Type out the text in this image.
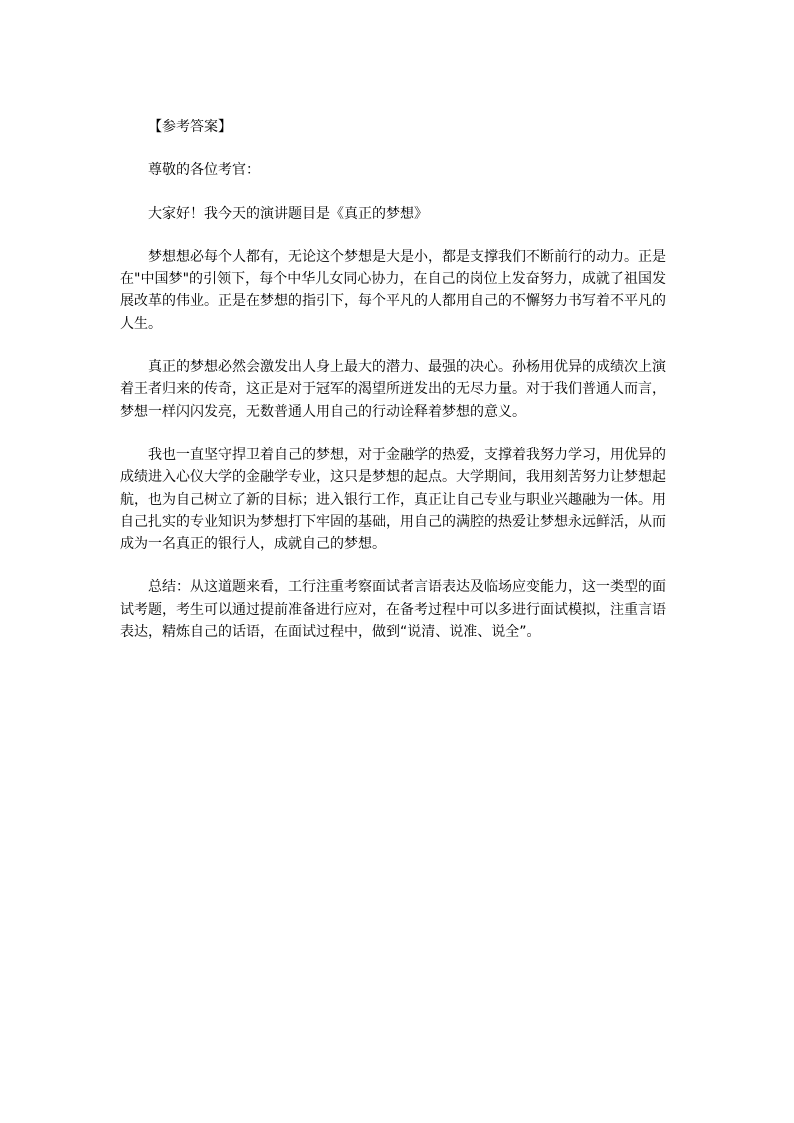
【参考答案】

尊敬的各位考官：

大家好！我今天的演讲题目是《真正的梦想》

梦想想必每个人都有，无论这个梦想是大是小，都是支撑我们不断前行的动力。正是在"中国梦"的引领下，每个中华儿女同心协力，在自己的岗位上发奋努力，成就了祖国发展改革的伟业。正是在梦想的指引下，每个平凡的人都用自己的不懈努力书写着不平凡的人生。

真正的梦想必然会激发出人身上最大的潜力、最强的决心。孙杨用优异的成绩次上演着王者归来的传奇，这正是对于冠军的渴望所迸发出的无尽力量。对于我们普通人而言，梦想一样闪闪发亮，无数普通人用自己的行动诠释着梦想的意义。

我也一直坚守捍卫着自己的梦想，对于金融学的热爱，支撑着我努力学习，用优异的成绩进入心仪大学的金融学专业，这只是梦想的起点。大学期间，我用刻苦努力让梦想起航，也为自己树立了新的目标；进入银行工作，真正让自己专业与职业兴趣融为一体。用自己扎实的专业知识为梦想打下牢固的基础，用自己的满腔的热爱让梦想永远鲜活，从而成为一名真正的银行人，成就自己的梦想。

总结：从这道题来看，工行注重考察面试者言语表达及临场应变能力，这一类型的面试考题，考生可以通过提前准备进行应对，在备考过程中可以多进行面试模拟，注重言语表达，精炼自己的话语，在面试过程中，做到“说清、说准、说全”。
